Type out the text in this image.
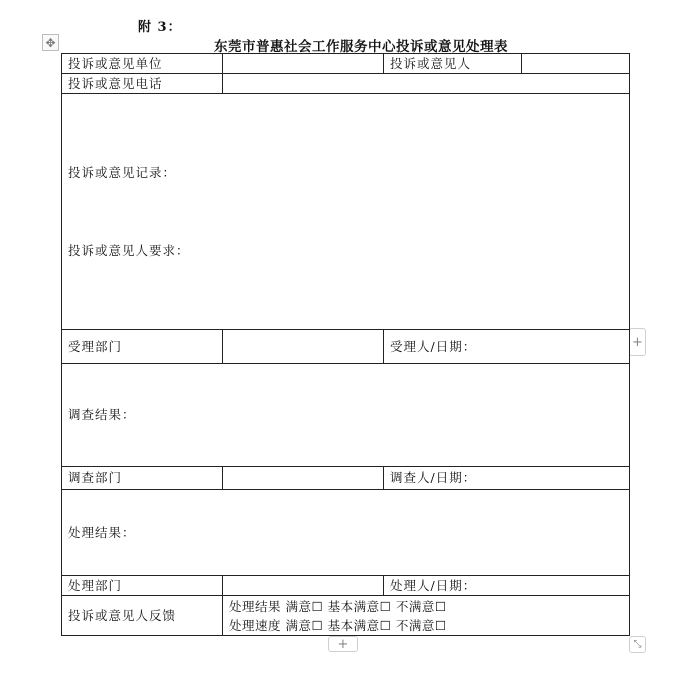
附 3：
东莞市普惠社会工作服务中心投诉或意见处理表
✥
+
+	⤡
投诉或意见单位		投诉或意见人	
投诉或意见电话			

投诉或意见记录：
投诉或意见人要求：			

受理部门		受理人/日期：	
调查结果：			
调查部门		调查人/日期：	
处理结果：			
处理部门		处理人/日期：	
投诉或意见人反馈	处理结果 满意☐ 基本满意☐ 不满意☐
处理速度 满意☐ 基本满意☐ 不满意☐		
